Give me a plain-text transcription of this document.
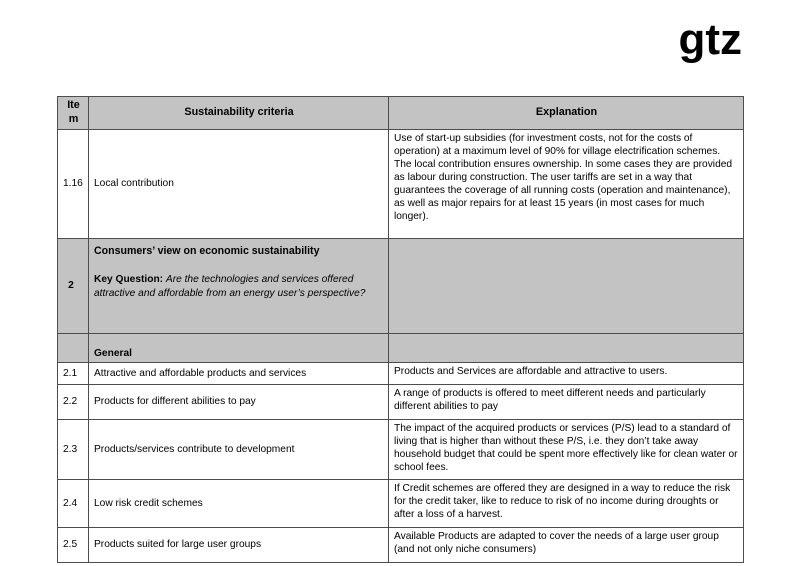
gtz
Item	Sustainability criteria	Explanation
1.16	Local contribution	Use of start-up subsidies (for investment costs, not for the costs of operation) at a maximum level of 90% for village electrification schemes. The local contribution ensures ownership. In some cases they are provided as labour during construction. The user tariffs are set in a way that guarantees the coverage of all running costs (operation and maintenance), as well as major repairs for at least 15 years (in most cases for much longer).
2	Consumers’ view on economic sustainability
Key Question: Are the technologies and services offered attractive and affordable from an energy user’s perspective?	

	General	
2.1	Attractive and affordable products and services	Products and Services are affordable and attractive to users.
2.2	Products for different abilities to pay	A range of products is offered to meet different needs and particularly different abilities to pay
2.3	Products/services contribute to development	The impact of the acquired products or services (P/S) lead to a standard of living that is higher than without these P/S, i.e. they don’t take away household budget that could be spent more effectively like for clean water or school fees.
2.4	Low risk credit schemes	If Credit schemes are offered they are designed in a way to reduce the risk for the credit taker, like to reduce to risk of no income during droughts or after a loss of a harvest.
2.5	Products suited for large user groups	Available Products are adapted to cover the needs of a large user group (and not only niche consumers)
